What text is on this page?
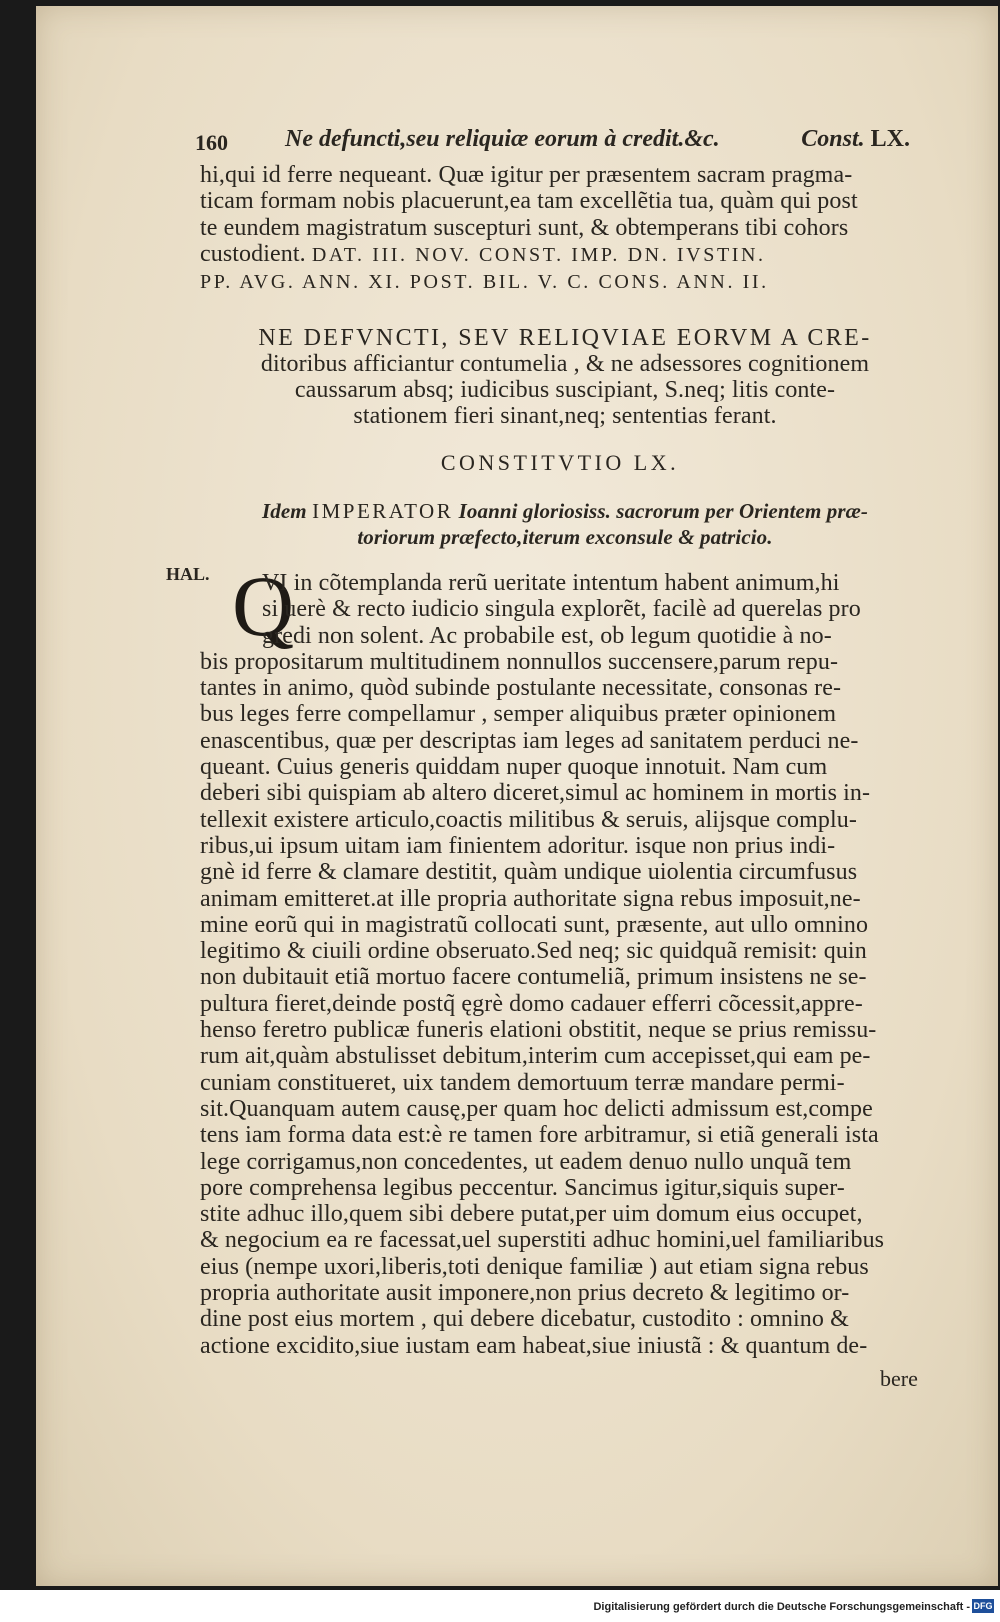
160 Ne defuncti,seu reliquiæ eorum à credit.&c.	Const. LX.
hi,qui id ferre nequeant. Quæ igitur per præsentem sacram pragma-
ticam formam nobis placuerunt,ea tam excellẽtia tua, quàm qui post
te eundem magistratum suscepturi sunt, & obtemperans tibi cohors
custodient. DAT. III. NOV. CONST. IMP. DN. IVSTIN.
PP. AVG. ANN. XI. POST. BIL. V. C. CONS. ANN. II.
NE DEFVNCTI, SEV RELIQVIAE EORVM A CRE-
ditoribus afficiantur contumelia , & ne adsessores cognitionem
caussarum absq; iudicibus suscipiant, S.neq; litis conte-
stationem fieri sinant,neq; sententias ferant.
CONSTITVTIO LX.
Idem IMPERATOR Ioanni gloriosiss. sacrorum per Orientem præ-
toriorum præfecto,iterum exconsule & patricio.
HAL. Q
VI in cõtemplanda rerũ ueritate intentum habent animum,hi
si uerè & recto iudicio singula explorẽt, facilè ad querelas pro
gredi non solent. Ac probabile est, ob legum quotidie à no-
bis propositarum multitudinem nonnullos succensere,parum repu-
tantes in animo, quòd subinde postulante necessitate, consonas re-
bus leges ferre compellamur , semper aliquibus præter opinionem
enascentibus, quæ per descriptas iam leges ad sanitatem perduci ne-
queant. Cuius generis quiddam nuper quoque innotuit. Nam cum
deberi sibi quispiam ab altero diceret,simul ac hominem in mortis in-
tellexit existere articulo,coactis militibus & seruis, alijsque complu-
ribus,ui ipsum uitam iam finientem adoritur. isque non prius indi-
gnè id ferre & clamare destitit, quàm undique uiolentia circumfusus
animam emitteret.at ille propria authoritate signa rebus imposuit,ne-
mine eorũ qui in magistratũ collocati sunt, præsente, aut ullo omnino
legitimo & ciuili ordine obseruato.Sed neq; sic quidquã remisit: quin
non dubitauit etiã mortuo facere contumeliã, primum insistens ne se-
pultura fieret,deinde postq̃ ęgrè domo cadauer efferri cõcessit,appre-
henso feretro publicæ funeris elationi obstitit, neque se prius remissu-
rum ait,quàm abstulisset debitum,interim cum accepisset,qui eam pe-
cuniam constitueret, uix tandem demortuum terræ mandare permi-
sit.Quanquam autem causę,per quam hoc delicti admissum est,compe
tens iam forma data est:è re tamen fore arbitramur, si etiã generali ista
lege corrigamus,non concedentes, ut eadem denuo nullo unquã tem
pore comprehensa legibus peccentur. Sancimus igitur,siquis super-
stite adhuc illo,quem sibi debere putat,per uim domum eius occupet,
& negocium ea re facessat,uel superstiti adhuc homini,uel familiaribus
eius (nempe uxori,liberis,toti denique familiæ ) aut etiam signa rebus
propria authoritate ausit imponere,non prius decreto & legitimo or-
dine post eius mortem , qui debere dicebatur, custodito : omnino &
actione excidito,siue iustam eam habeat,siue iniustã : & quantum de-
bere
Digitalisierung gefördert durch die Deutsche Forschungsgemeinschaft - DFG
